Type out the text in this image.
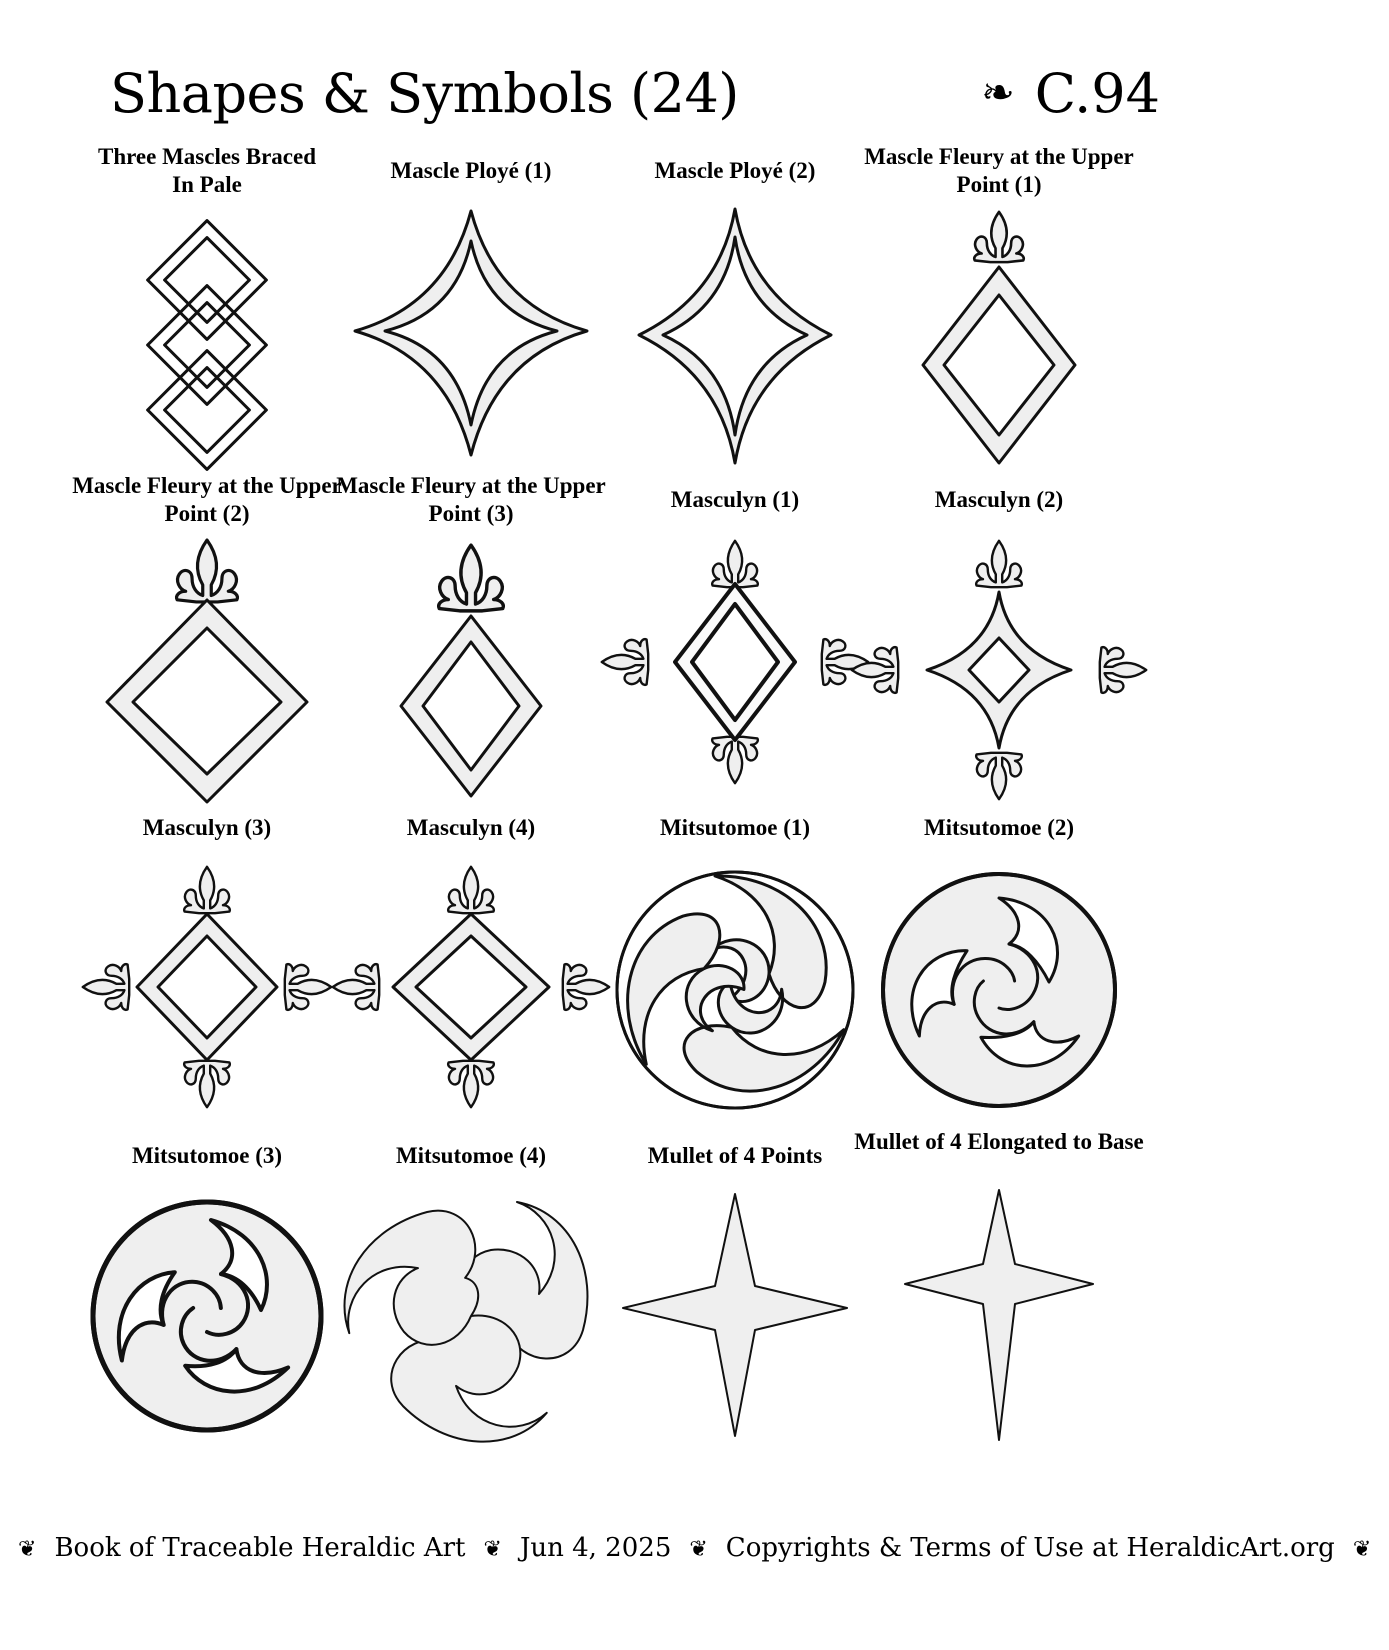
Shapes & Symbols (24)	❧ C.94
Three Mascles Braced In Pale
Mascle Ployé (1)	Mascle Ployé (2)
Mascle Fleury at the Upper Point (1)
Mascle Fleury at the Upper Point (2)
Mascle Fleury at the Upper Point (3)
Masculyn (1)	Masculyn (2)
Masculyn (3)	Masculyn (4)	Mitsutomoe (1)	Mitsutomoe (2)
Mitsutomoe (3)	Mitsutomoe (4)	Mullet of 4 Points
Mullet of 4 Elongated to Base
❦ Book of Traceable Heraldic Art ❦ Jun 4, 2025 ❦ Copyrights & Terms of Use at HeraldicArt.org ❦
